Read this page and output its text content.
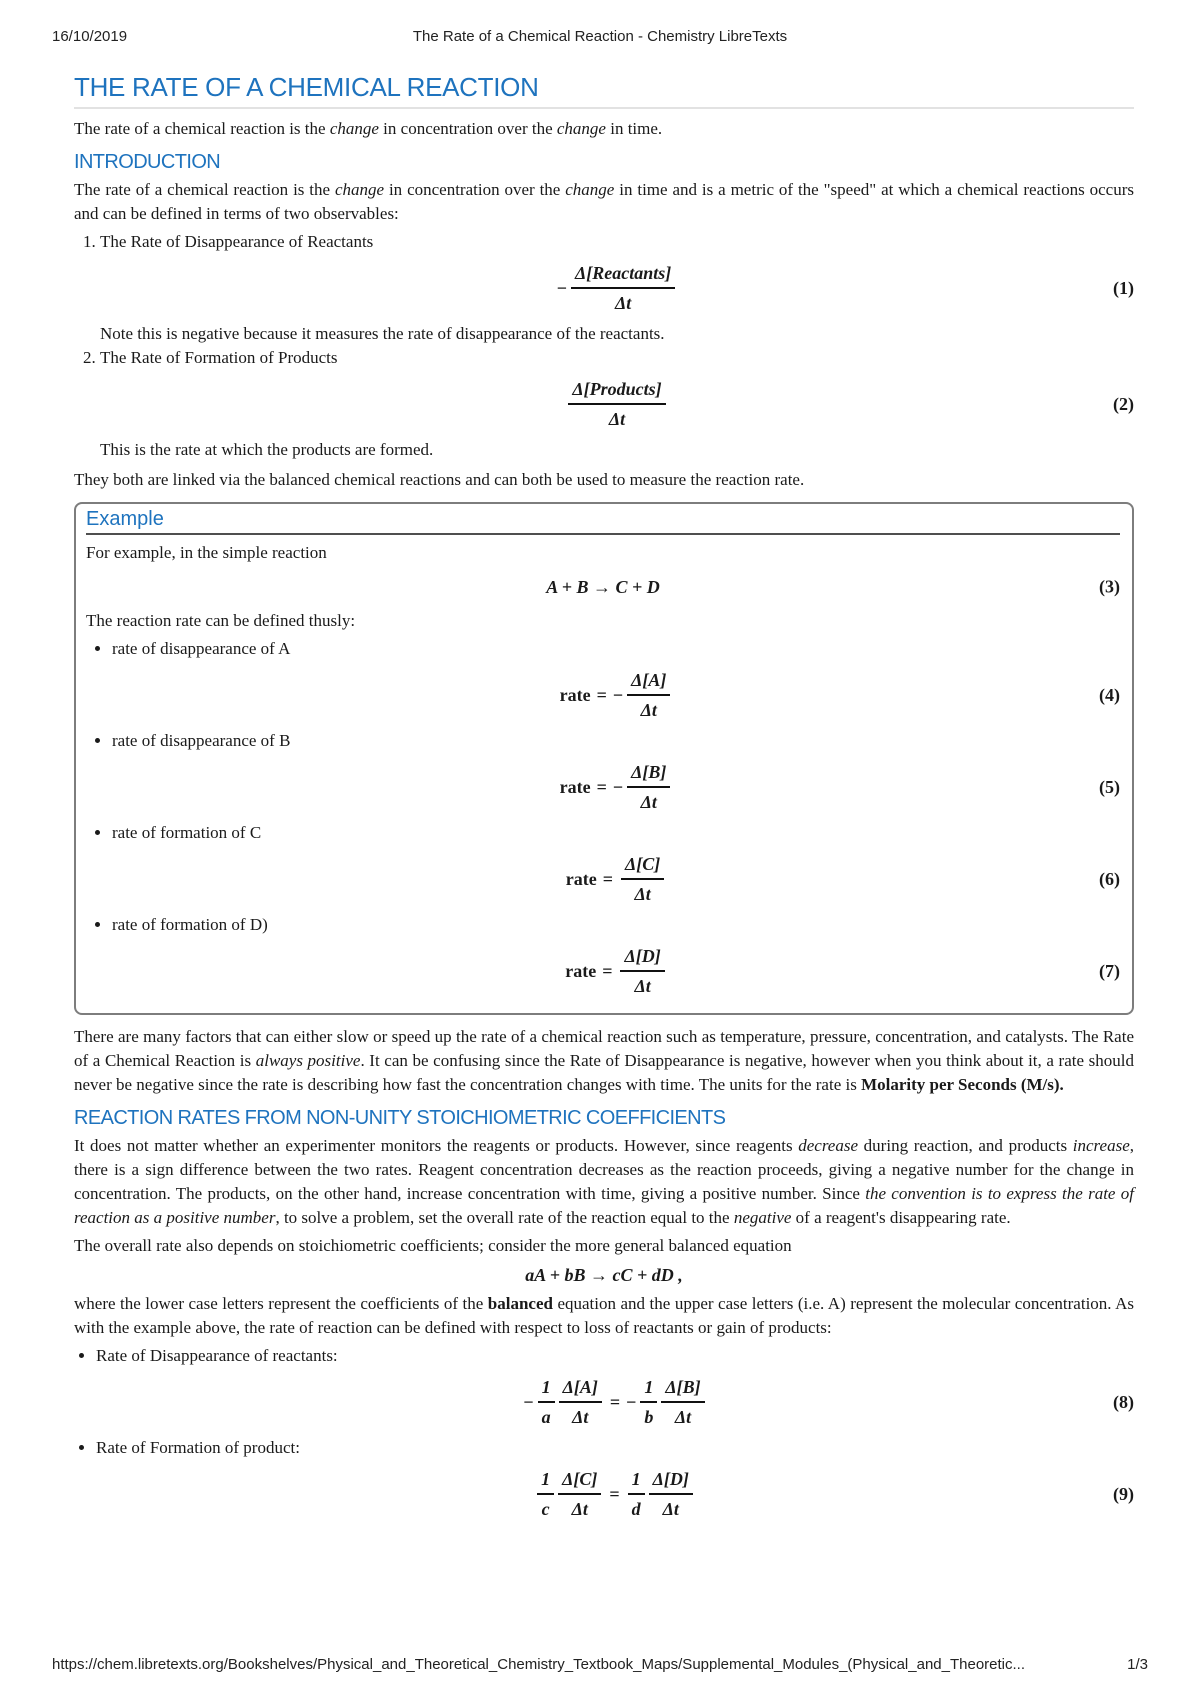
16/10/2019	The Rate of a Chemical Reaction - Chemistry LibreTexts
THE RATE OF A CHEMICAL REACTION

The rate of a chemical reaction is the change in concentration over the change in time.

INTRODUCTION

The rate of a chemical reaction is the change in concentration over the change in time and is a metric of the "speed" at which a chemical reactions occurs and can be defined in terms of two observables:

1. The Rate of Disappearance of Reactants
− $\frac{\text{Δ[Reactants]}}{\Delta t}$	(1)
Note this is negative because it measures the rate of disappearance of the reactants.
2. The Rate of Formation of Products
$\frac{\text{Δ[Products]}}{\Delta t}$	(2)
This is the rate at which the products are formed.

They both are linked via the balanced chemical reactions and can both be used to measure the reaction rate.

Example

For example, in the simple reaction

A + B → C + D	(3)

The reaction rate can be defined thusly:

• rate of disappearance of A
rate = − $\frac{\Delta[A]}{\Delta t}$	(4)
• rate of disappearance of B
rate = − $\frac{\Delta[B]}{\Delta t}$	(5)
• rate of formation of C
rate = $\frac{\Delta[C]}{\Delta t}$	(6)
• rate of formation of D)
rate = $\frac{\Delta[D]}{\Delta t}$	(7)

There are many factors that can either slow or speed up the rate of a chemical reaction such as temperature, pressure, concentration, and catalysts. The Rate of a Chemical Reaction is always positive. It can be confusing since the Rate of Disappearance is negative, however when you think about it, a rate should never be negative since the rate is describing how fast the concentration changes with time. The units for the rate is Molarity per Seconds (M/s).

REACTION RATES FROM NON-UNITY STOICHIOMETRIC COEFFICIENTS

It does not matter whether an experimenter monitors the reagents or products. However, since reagents decrease during reaction, and products increase, there is a sign difference between the two rates. Reagent concentration decreases as the reaction proceeds, giving a negative number for the change in concentration. The products, on the other hand, increase concentration with time, giving a positive number. Since the convention is to express the rate of reaction as a positive number, to solve a problem, set the overall rate of the reaction equal to the negative of a reagent's disappearing rate.

The overall rate also depends on stoichiometric coefficients; consider the more general balanced equation

aA + bB → cC + dD ,

where the lower case letters represent the coefficients of the balanced equation and the upper case letters (i.e. A) represent the molecular concentration. As with the example above, the rate of reaction can be defined with respect to loss of reactants or gain of products:

• Rate of Disappearance of reactants:
− $\frac{1}{a} \frac{\Delta[A]}{\Delta t}$ = − $\frac{1}{b} \frac{\Delta[B]}{\Delta t}$	(8)
• Rate of Formation of product:
$\frac{1}{c} \frac{\Delta[C]}{\Delta t} = \frac{1}{d} \frac{\Delta[D]}{\Delta t}$	(9)
https://chem.libretexts.org/Bookshelves/Physical_and_Theoretical_Chemistry_Textbook_Maps/Supplemental_Modules_(Physical_and_Theoretic...	1/3
